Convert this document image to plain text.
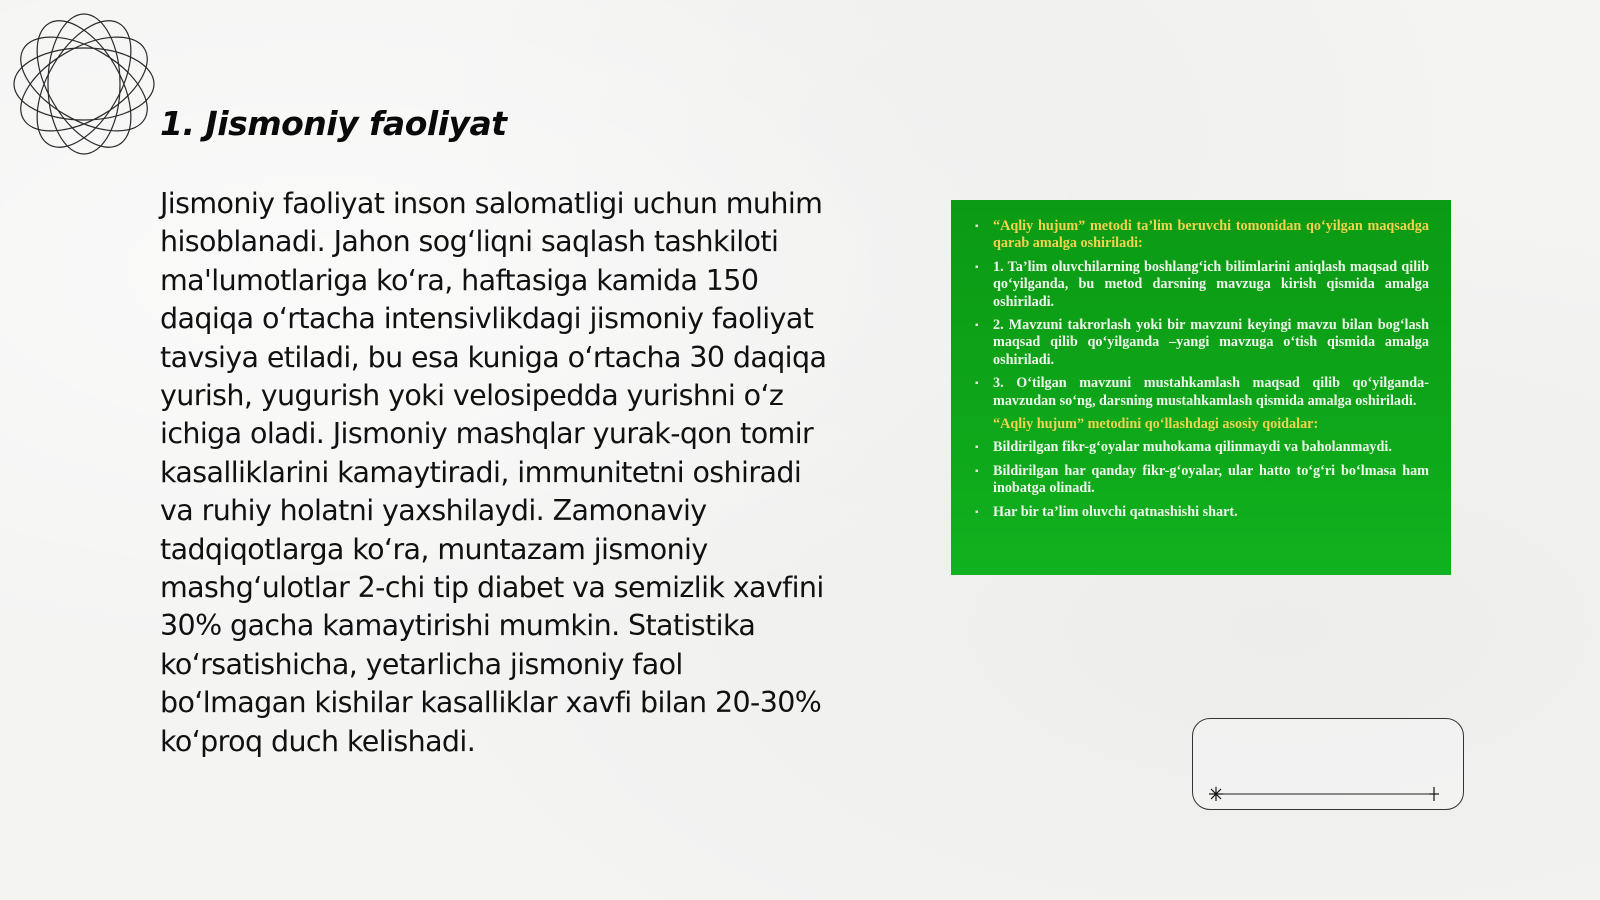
1. Jismoniy faoliyat

Jismoniy faoliyat inson salomatligi uchun muhim hisoblanadi. Jahon sog‘liqni saqlash tashkiloti ma'lumotlariga ko‘ra, haftasiga kamida 150 daqiqa o‘rtacha intensivlikdagi jismoniy faoliyat tavsiya etiladi, bu esa kuniga o‘rtacha 30 daqiqa yurish, yugurish yoki velosipedda yurishni o‘z ichiga oladi. Jismoniy mashqlar yurak-qon tomir kasalliklarini kamaytiradi, immunitetni oshiradi va ruhiy holatni yaxshilaydi. Zamonaviy tadqiqotlarga ko‘ra, muntazam jismoniy mashg‘ulotlar 2-chi tip diabet va semizlik xavfini 30% gacha kamaytirishi mumkin. Statistika ko‘rsatishicha, yetarlicha jismoniy faol bo‘lmagan kishilar kasalliklar xavfi bilan 20-30% ko‘proq duch kelishadi.

▪ “Aqliy hujum” metodi ta’lim beruvchi tomonidan qo‘yilgan maqsadga qarab amalga oshiriladi:
▪ 1. Ta’lim oluvchilarning boshlang‘ich bilimlarini aniqlash maqsad qilib qo‘yilganda, bu metod darsning mavzuga kirish qismida amalga oshiriladi.
▪ 2. Mavzuni takrorlash yoki bir mavzuni keyingi mavzu bilan bog‘lash maqsad qilib qo‘yilganda –yangi mavzuga o‘tish qismida amalga oshiriladi.
▪ 3. O‘tilgan mavzuni mustahkamlash maqsad qilib qo‘yilganda-mavzudan so‘ng, darsning mustahkamlash qismida amalga oshiriladi.
“Aqliy hujum” metodini qo‘llashdagi asosiy qoidalar:
▪ Bildirilgan fikr-g‘oyalar muhokama qilinmaydi va baholanmaydi.
▪ Bildirilgan har qanday fikr-g‘oyalar, ular hatto to‘g‘ri bo‘lmasa ham inobatga olinadi.
▪ Har bir ta’lim oluvchi qatnashishi shart.
